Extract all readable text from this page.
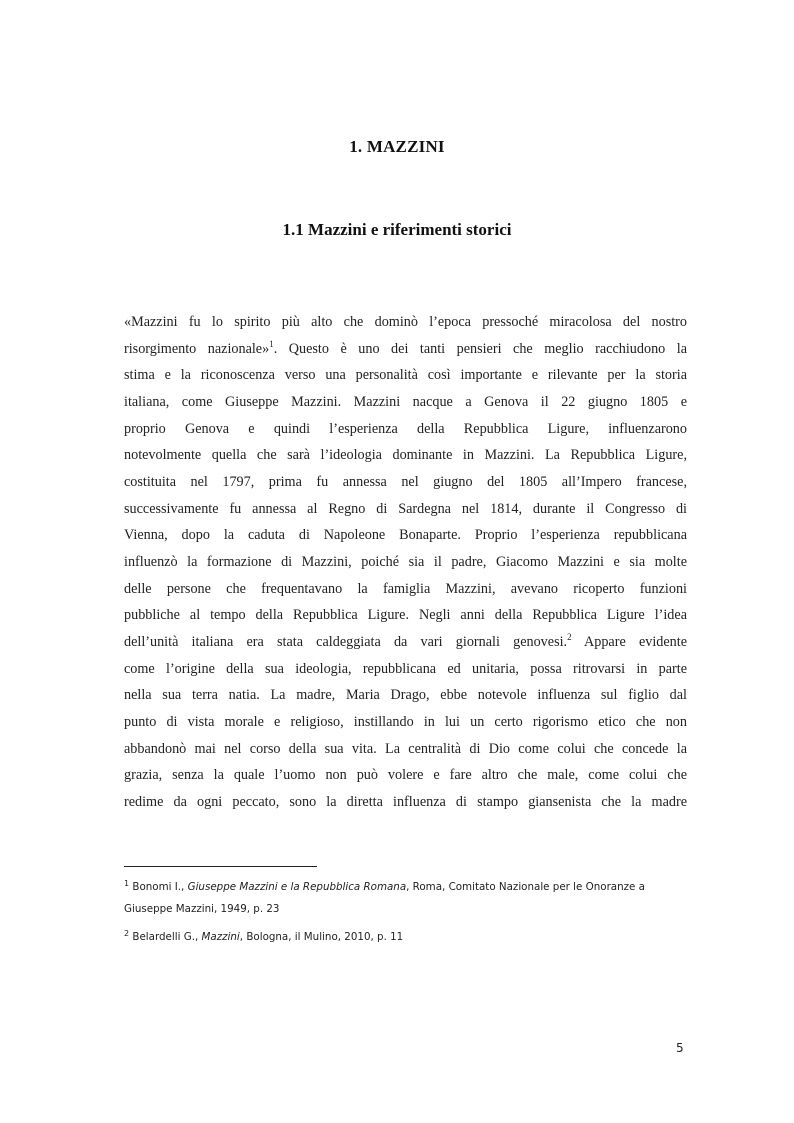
1. MAZZINI
1.1 Mazzini e riferimenti storici
«Mazzini fu lo spirito più alto che dominò l’epoca pressoché miracolosa del nostro
risorgimento nazionale»$^1$. Questo è uno dei tanti pensieri che meglio racchiudono la
stima e la riconoscenza verso una personalità così importante e rilevante per la storia
italiana, come Giuseppe Mazzini. Mazzini nacque a Genova il 22 giugno 1805 e
proprio Genova e quindi l’esperienza della Repubblica Ligure, influenzarono
notevolmente quella che sarà l’ideologia dominante in Mazzini. La Repubblica Ligure,
costituita nel 1797, prima fu annessa nel giugno del 1805 all’Impero francese,
successivamente fu annessa al Regno di Sardegna nel 1814, durante il Congresso di
Vienna, dopo la caduta di Napoleone Bonaparte. Proprio l’esperienza repubblicana
influenzò la formazione di Mazzini, poiché sia il padre, Giacomo Mazzini e sia molte
delle persone che frequentavano la famiglia Mazzini, avevano ricoperto funzioni
pubbliche al tempo della Repubblica Ligure. Negli anni della Repubblica Ligure l’idea
dell’unità italiana era stata caldeggiata da vari giornali genovesi.$^2$ Appare evidente
come l’origine della sua ideologia, repubblicana ed unitaria, possa ritrovarsi in parte
nella sua terra natia. La madre, Maria Drago, ebbe notevole influenza sul figlio dal
punto di vista morale e religioso, instillando in lui un certo rigorismo etico che non
abbandonò mai nel corso della sua vita. La centralità di Dio come colui che concede la
grazia, senza la quale l’uomo non può volere e fare altro che male, come colui che
redime da ogni peccato, sono la diretta influenza di stampo giansenista che la madre
$^1$ Bonomi I., Giuseppe Mazzini e la Repubblica Romana, Roma, Comitato Nazionale per le Onoranze a
Giuseppe Mazzini, 1949, p. 23
$^2$ Belardelli G., Mazzini, Bologna, il Mulino, 2010, p. 11
5
